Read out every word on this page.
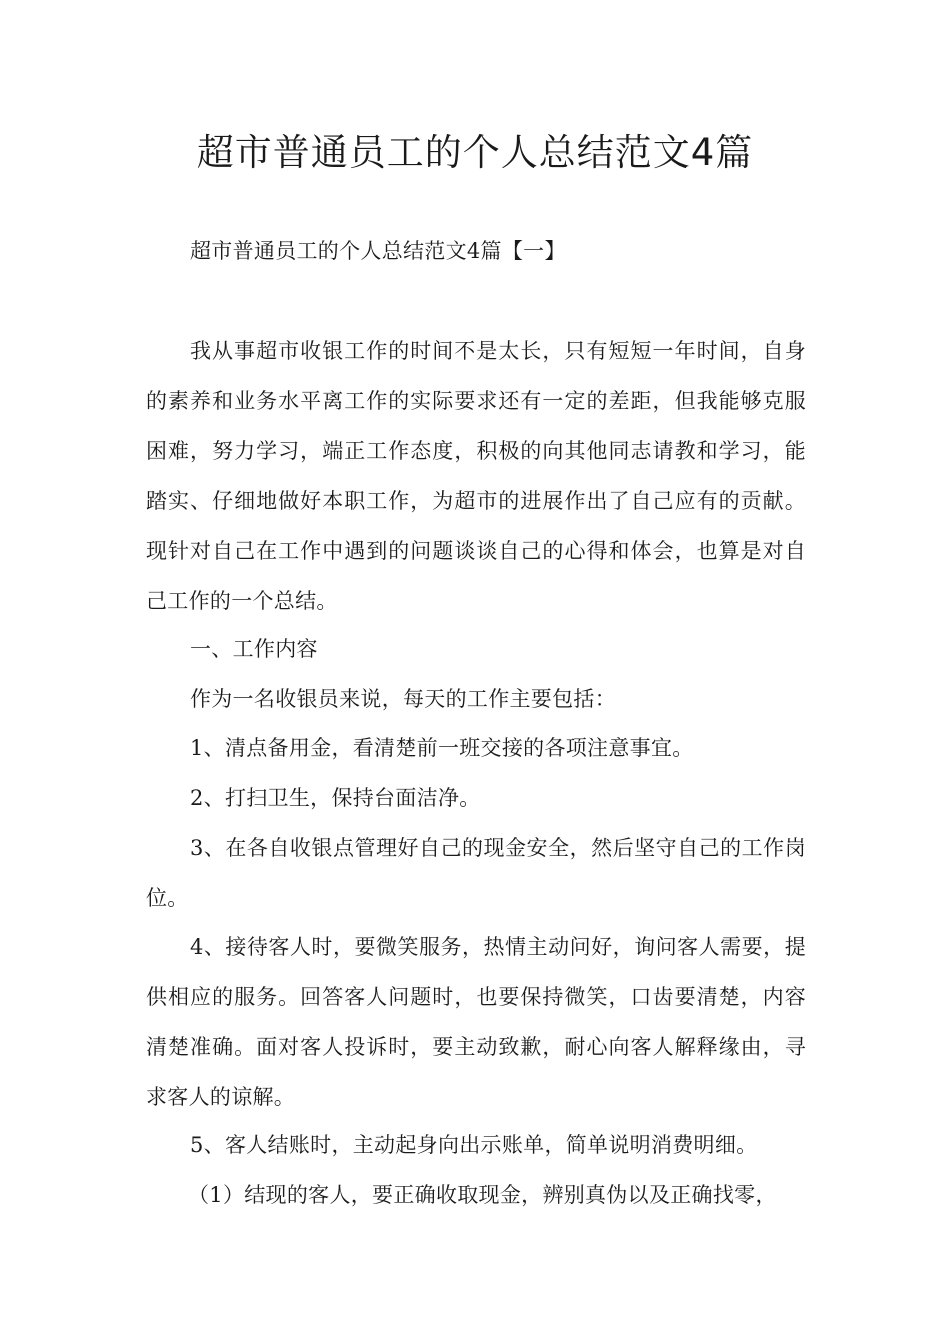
超市普通员工的个人总结范文4篇

超市普通员工的个人总结范文4篇【一】

我从事超市收银工作的时间不是太长，只有短短一年时间，自身的素养和业务水平离工作的实际要求还有一定的差距，但我能够克服困难，努力学习，端正工作态度，积极的向其他同志请教和学习，能踏实、仔细地做好本职工作，为超市的进展作出了自己应有的贡献。现针对自己在工作中遇到的问题谈谈自己的心得和体会，也算是对自己工作的一个总结。

一、工作内容

作为一名收银员来说，每天的工作主要包括：

1、清点备用金，看清楚前一班交接的各项注意事宜。

2、打扫卫生，保持台面洁净。

3、在各自收银点管理好自己的现金安全，然后坚守自己的工作岗位。

4、接待客人时，要微笑服务，热情主动问好，询问客人需要，提供相应的服务。回答客人问题时，也要保持微笑，口齿要清楚，内容清楚准确。面对客人投诉时，要主动致歉，耐心向客人解释缘由，寻求客人的谅解。

5、客人结账时，主动起身向出示账单，简单说明消费明细。

（1）结现的客人，要正确收取现金，辨别真伪以及正确找零，
